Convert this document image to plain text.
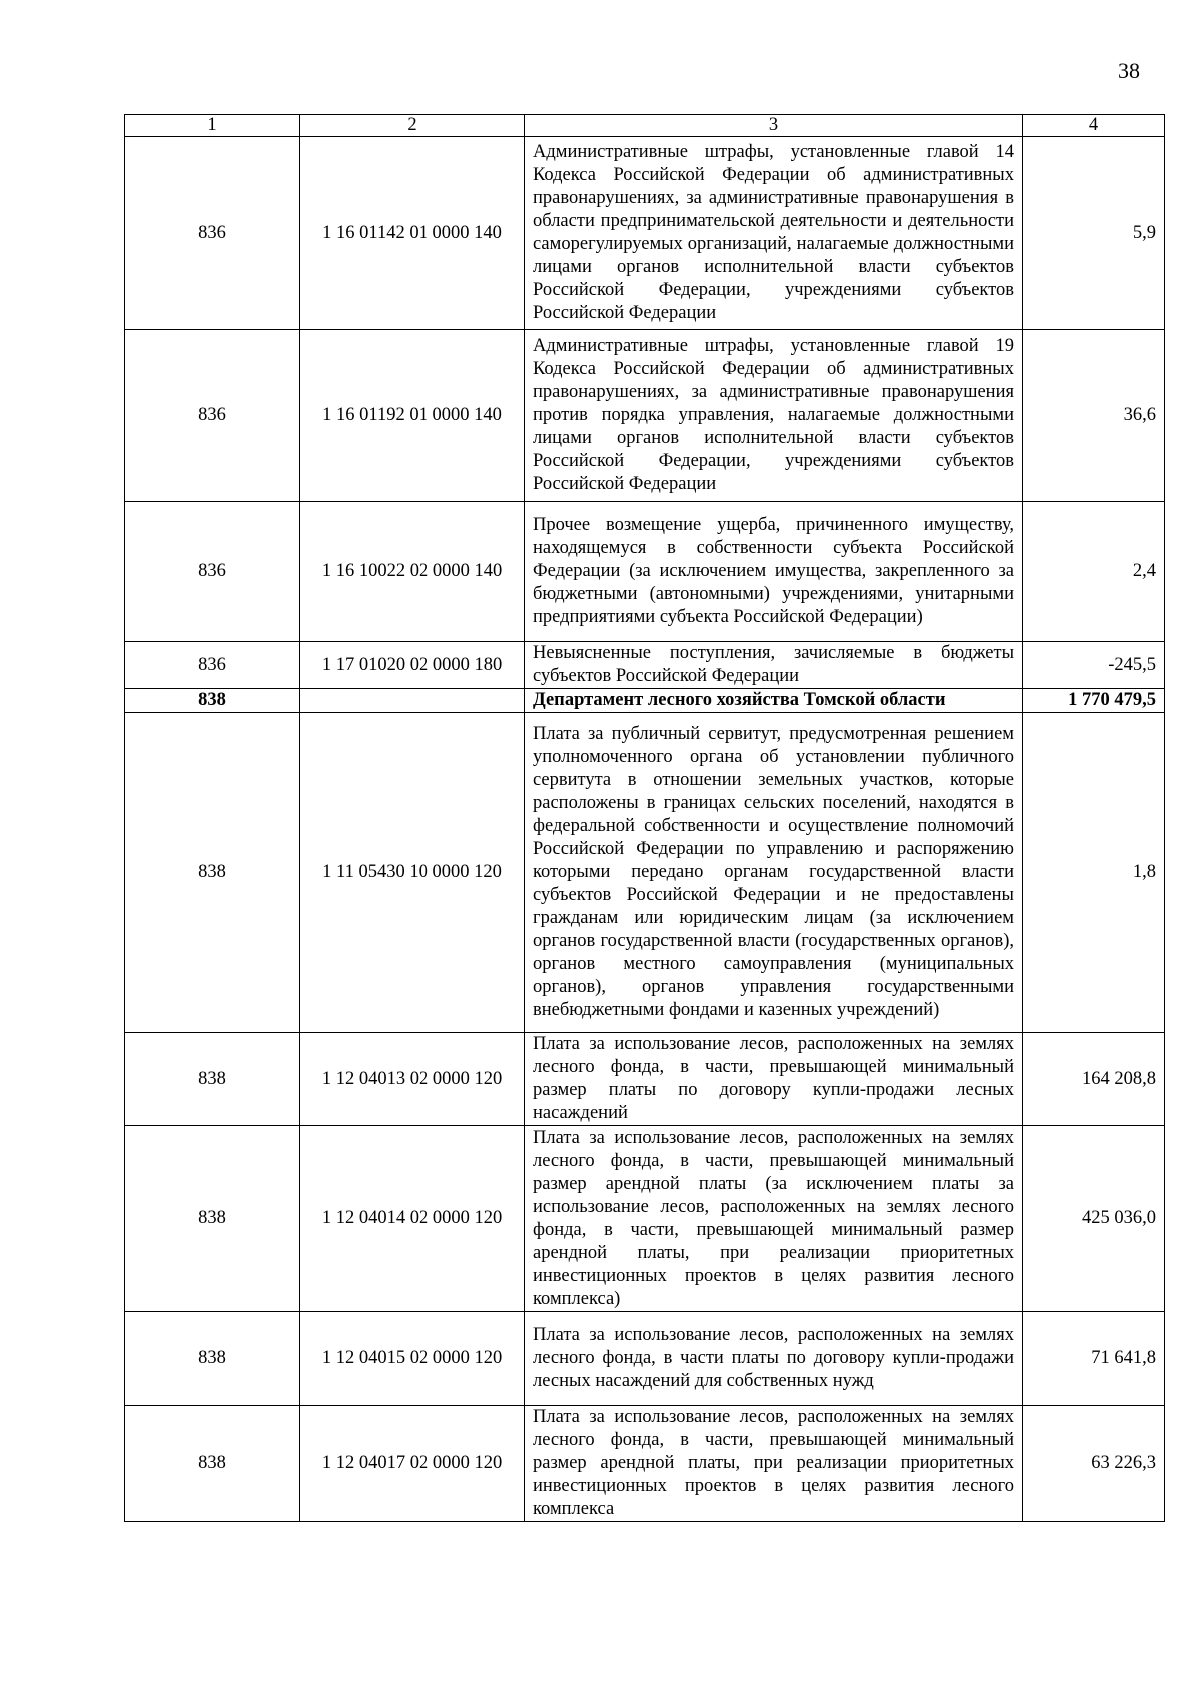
38
1	2	3	4
836	1 16 01142 01 0000 140	Административные штрафы, установленные главой 14 Кодекса Российской Федерации об административных правонарушениях, за административные правонарушения в области предпринимательской деятельности и деятельности саморегулируемых организаций, налагаемые должностными лицами органов исполнительной власти субъектов Российской Федерации, учреждениями субъектов Российской Федерации	5,9
836	1 16 01192 01 0000 140	Административные штрафы, установленные главой 19 Кодекса Российской Федерации об административных правонарушениях, за административные правонарушения против порядка управления, налагаемые должностными лицами органов исполнительной власти субъектов Российской Федерации, учреждениями субъектов Российской Федерации	36,6
836	1 16 10022 02 0000 140	Прочее возмещение ущерба, причиненного имуществу, находящемуся в собственности субъекта Российской Федерации (за исключением имущества, закрепленного за бюджетными (автономными) учреждениями, унитарными предприятиями субъекта Российской Федерации)	2,4
836	1 17 01020 02 0000 180	Невыясненные поступления, зачисляемые в бюджеты субъектов Российской Федерации	-245,5
838		Департамент лесного хозяйства Томской области	1 770 479,5
838	1 11 05430 10 0000 120	Плата за публичный сервитут, предусмотренная решением уполномоченного органа об установлении публичного сервитута в отношении земельных участков, которые расположены в границах сельских поселений, находятся в федеральной собственности и осуществление полномочий Российской Федерации по управлению и распоряжению которыми передано органам государственной власти субъектов Российской Федерации и не предоставлены гражданам или юридическим лицам (за исключением органов государственной власти (государственных органов), органов местного самоуправления (муниципальных органов), органов управления государственными внебюджетными фондами и казенных учреждений)	1,8
838	1 12 04013 02 0000 120	Плата за использование лесов, расположенных на землях лесного фонда, в части, превышающей минимальный размер платы по договору купли-продажи лесных насаждений	164 208,8
838	1 12 04014 02 0000 120	Плата за использование лесов, расположенных на землях лесного фонда, в части, превышающей минимальный размер арендной платы (за исключением платы за использование лесов, расположенных на землях лесного фонда, в части, превышающей минимальный размер арендной платы, при реализации приоритетных инвестиционных проектов в целях развития лесного комплекса)	425 036,0
838	1 12 04015 02 0000 120	Плата за использование лесов, расположенных на землях лесного фонда, в части платы по договору купли-продажи лесных насаждений для собственных нужд	71 641,8
838	1 12 04017 02 0000 120	Плата за использование лесов, расположенных на землях лесного фонда, в части, превышающей минимальный размер арендной платы, при реализации приоритетных инвестиционных проектов в целях развития лесного комплекса	63 226,3
